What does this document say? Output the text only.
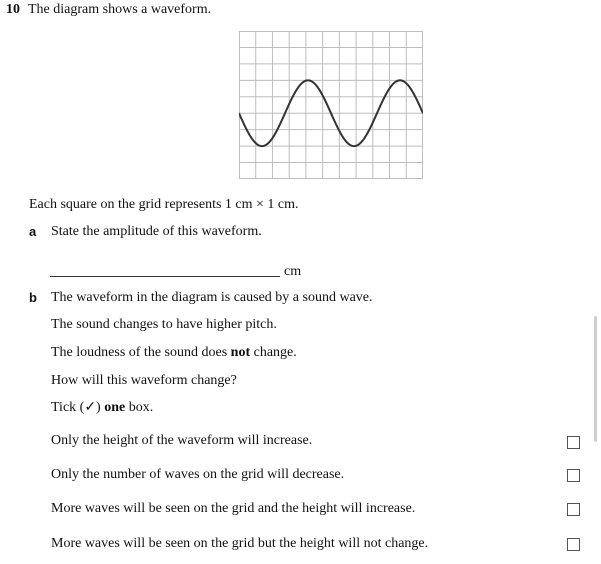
10 The diagram shows a waveform.
Each square on the grid represents 1 cm × 1 cm.
a State the amplitude of this waveform.
cm
b The waveform in the diagram is caused by a sound wave.
The sound changes to have higher pitch.
The loudness of the sound does not change.
How will this waveform change?
Tick (✓) one box.
Only the height of the waveform will increase.
Only the number of waves on the grid will decrease.
More waves will be seen on the grid and the height will increase.
More waves will be seen on the grid but the height will not change.
